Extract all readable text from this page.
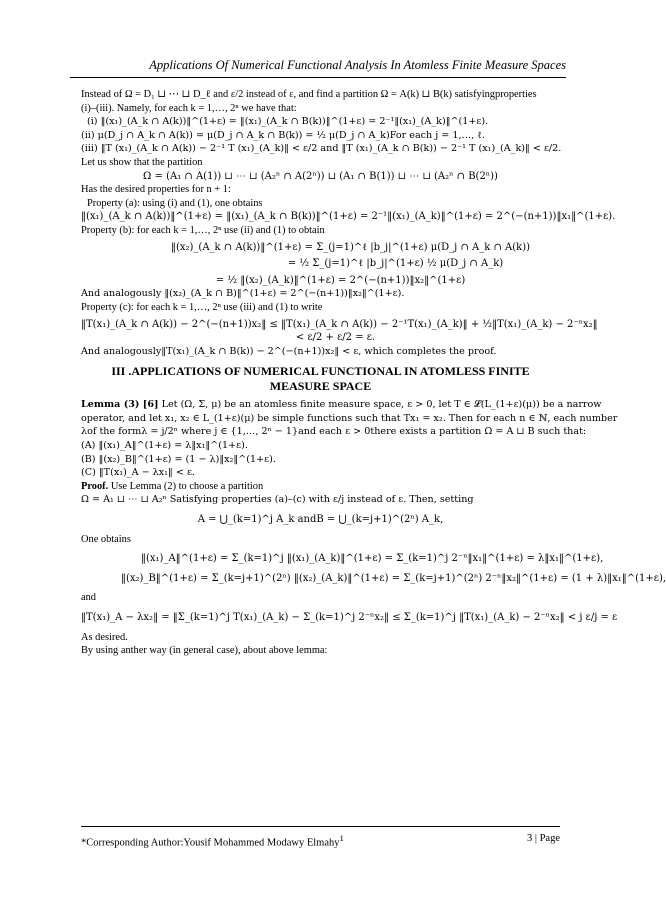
Applications Of Numerical Functional Analysis In Atomless Finite Measure Spaces
Instead of Ω = D₁ ⊔ ⋯ ⊔ D_ℓ and ε/2 instead of ε, and find a partition Ω = A(k) ⊔ B(k) satisfyingproperties
(i)–(iii). Namely, for each k = 1,…, 2ⁿ we have that:
(i) ‖(x₁)_(A_k ∩ A(k))‖^(1+ε) = ‖(x₁)_(A_k ∩ B(k))‖^(1+ε) = 2⁻¹‖(x₁)_(A_k)‖^(1+ε).
(ii) μ(D_j ∩ A_k ∩ A(k)) = μ(D_j ∩ A_k ∩ B(k)) = ½ μ(D_j ∩ A_k)For each j = 1,…, ℓ.
(iii) ‖T (x₁)_(A_k ∩ A(k)) − 2⁻¹ T (x₁)_(A_k)‖ < ε/2 and ‖T (x₁)_(A_k ∩ B(k)) − 2⁻¹ T (x₁)_(A_k)‖ < ε/2.
Let us show that the partition
Ω = (A₁ ∩ A(1)) ⊔ ⋯ ⊔ (A₂ⁿ ∩ A(2ⁿ)) ⊔ (A₁ ∩ B(1)) ⊔ ⋯ ⊔ (A₂ⁿ ∩ B(2ⁿ))
Has the desired properties for n + 1:
Property (a): using (i) and (1), one obtains
‖(x₁)_(A_k ∩ A(k))‖^(1+ε) = ‖(x₁)_(A_k ∩ B(k))‖^(1+ε) = 2⁻¹‖(x₁)_(A_k)‖^(1+ε) = 2^(−(n+1))‖x₁‖^(1+ε).
Property (b): for each k = 1,…, 2ⁿ use (ii) and (1) to obtain
‖(x₂)_(A_k ∩ A(k))‖^(1+ε) = Σ_(j=1)^ℓ |b_j|^(1+ε) μ(D_j ∩ A_k ∩ A(k))
= ½ Σ_(j=1)^ℓ |b_j|^(1+ε) ½ μ(D_j ∩ A_k)
= ½ ‖(x₂)_(A_k)‖^(1+ε) = 2^(−(n+1))‖x₂‖^(1+ε)
And analogously ‖(x₂)_(A_k ∩ B)‖^(1+ε) = 2^(−(n+1))‖x₂‖^(1+ε).
Property (c): for each k = 1,…, 2ⁿ use (iii) and (1) to write
‖T(x₁)_(A_k ∩ A(k)) − 2^(−(n+1))x₂‖ ≤ ‖T(x₁)_(A_k ∩ A(k)) − 2⁻¹T(x₁)_(A_k)‖ + ½‖T(x₁)_(A_k) − 2⁻ⁿx₂‖
< ε/2 + ε/2 = ε.
And analogously‖T(x₁)_(A_k ∩ B(k)) − 2^(−(n+1))x₂‖ < ε, which completes the proof.
III .APPLICATIONS OF NUMERICAL FUNCTIONAL IN ATOMLESS FINITE MEASURE SPACE
Lemma (3) [6] Let (Ω, Σ, μ) be an atomless finite measure space, ε > 0, let T ∈ 𝓛(L_(1+ε)(μ)) be a narrow
operator, and let x₁, x₂ ∈ L_(1+ε)(μ) be simple functions such that Tx₁ = x₂. Then for each n ∈ ℕ, each number
λof the formλ = j/2ⁿ where j ∈ {1,…, 2ⁿ − 1}and each ε > 0there exists a partition Ω = A ⊔ B such that:
(A) ‖(x₁)_A‖^(1+ε) = λ‖x₁‖^(1+ε).
(B) ‖(x₂)_B‖^(1+ε) = (1 − λ)‖x₂‖^(1+ε).
(C) ‖T(x₁)_A − λx₁‖ < ε.
Proof. Use Lemma (2) to choose a partition
Ω = A₁ ⊔ ⋯ ⊔ A₂ⁿ Satisfying properties (a)–(c) with ε/j instead of ε. Then, setting
A = ⋃_(k=1)^j A_k andB = ⋃_(k=j+1)^(2ⁿ) A_k,
One obtains
‖(x₁)_A‖^(1+ε) = Σ_(k=1)^j ‖(x₁)_(A_k)‖^(1+ε) = Σ_(k=1)^j 2⁻ⁿ‖x₁‖^(1+ε) = λ‖x₁‖^(1+ε),
‖(x₂)_B‖^(1+ε) = Σ_(k=j+1)^(2ⁿ) ‖(x₂)_(A_k)‖^(1+ε) = Σ_(k=j+1)^(2ⁿ) 2⁻ⁿ‖x₂‖^(1+ε) = (1 + λ)‖x₁‖^(1+ε),
and
‖T(x₁)_A − λx₂‖ = ‖Σ_(k=1)^j T(x₁)_(A_k) − Σ_(k=1)^j 2⁻ⁿx₂‖ ≤ Σ_(k=1)^j ‖T(x₁)_(A_k) − 2⁻ⁿx₂‖ < j ε/j = ε
As desired.
By using anther way (in general case), about above lemma:
*Corresponding Author:Yousif Mohammed Modawy Elmahy$^1$	3 | Page
